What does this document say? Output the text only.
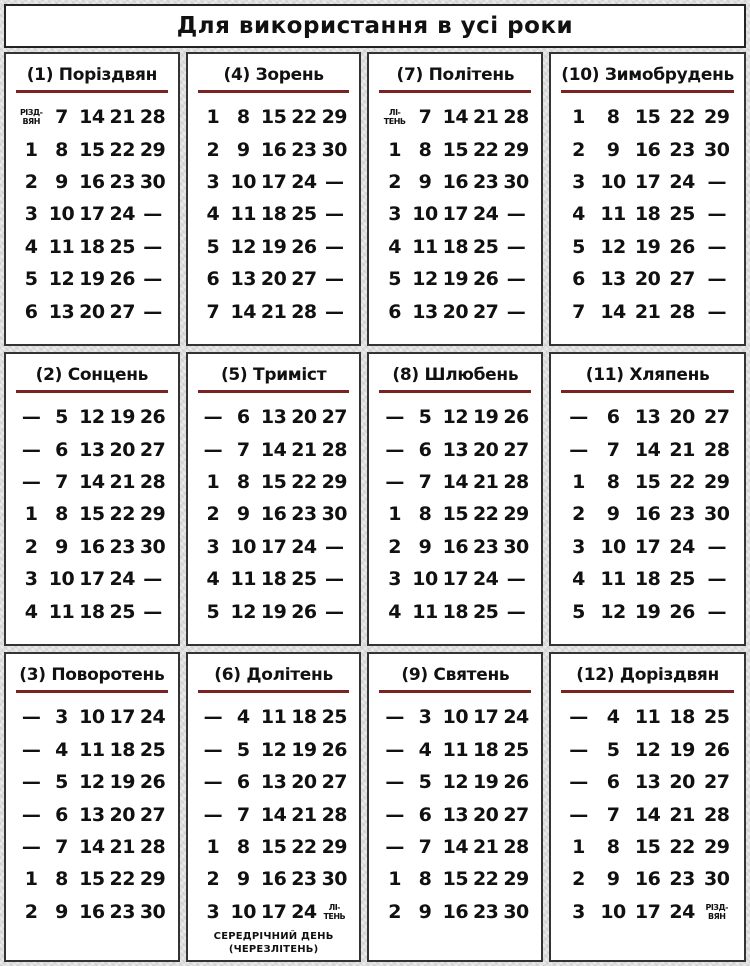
Для використання в усі роки
(1) Поріздвян
РІЗД-
ВЯН	7	14	21	28
1	8	15	22	29
2	9	16	23	30
3	10	17	24	—
4	11	18	25	—
5	12	19	26	—
6	13	20	27	—
(4) Зорень
1	8	15	22	29
2	9	16	23	30
3	10	17	24	—
4	11	18	25	—
5	12	19	26	—
6	13	20	27	—
7	14	21	28	—
(7) Політень
ЛІ-
ТЕНЬ	7	14	21	28
1	8	15	22	29
2	9	16	23	30
3	10	17	24	—
4	11	18	25	—
5	12	19	26	—
6	13	20	27	—
(10) Зимобрудень
1	8	15	22	29
2	9	16	23	30
3	10	17	24	—
4	11	18	25	—
5	12	19	26	—
6	13	20	27	—
7	14	21	28	—
(2) Сонцень
—	5	12	19	26
—	6	13	20	27
—	7	14	21	28
1	8	15	22	29
2	9	16	23	30
3	10	17	24	—
4	11	18	25	—
(5) Триміст
—	6	13	20	27
—	7	14	21	28
1	8	15	22	29
2	9	16	23	30
3	10	17	24	—
4	11	18	25	—
5	12	19	26	—
(8) Шлюбень
—	5	12	19	26
—	6	13	20	27
—	7	14	21	28
1	8	15	22	29
2	9	16	23	30
3	10	17	24	—
4	11	18	25	—
(11) Хляпень
—	6	13	20	27
—	7	14	21	28
1	8	15	22	29
2	9	16	23	30
3	10	17	24	—
4	11	18	25	—
5	12	19	26	—
(3) Поворотень
—	3	10	17	24
—	4	11	18	25
—	5	12	19	26
—	6	13	20	27
—	7	14	21	28
1	8	15	22	29
2	9	16	23	30
(6) Долітень
—	4	11	18	25
—	5	12	19	26
—	6	13	20	27
—	7	14	21	28
1	8	15	22	29
2	9	16	23	30
3	10	17	24	ЛІ-
ТЕНЬ
СЕРЕДРІЧНИЙ ДЕНЬ
(ЧЕРЕЗЛІТЕНЬ)
(9) Святень
—	3	10	17	24
—	4	11	18	25
—	5	12	19	26
—	6	13	20	27
—	7	14	21	28
1	8	15	22	29
2	9	16	23	30
(12) Доріздвян
—	4	11	18	25
—	5	12	19	26
—	6	13	20	27
—	7	14	21	28
1	8	15	22	29
2	9	16	23	30
3	10	17	24	РІЗД-
ВЯН
